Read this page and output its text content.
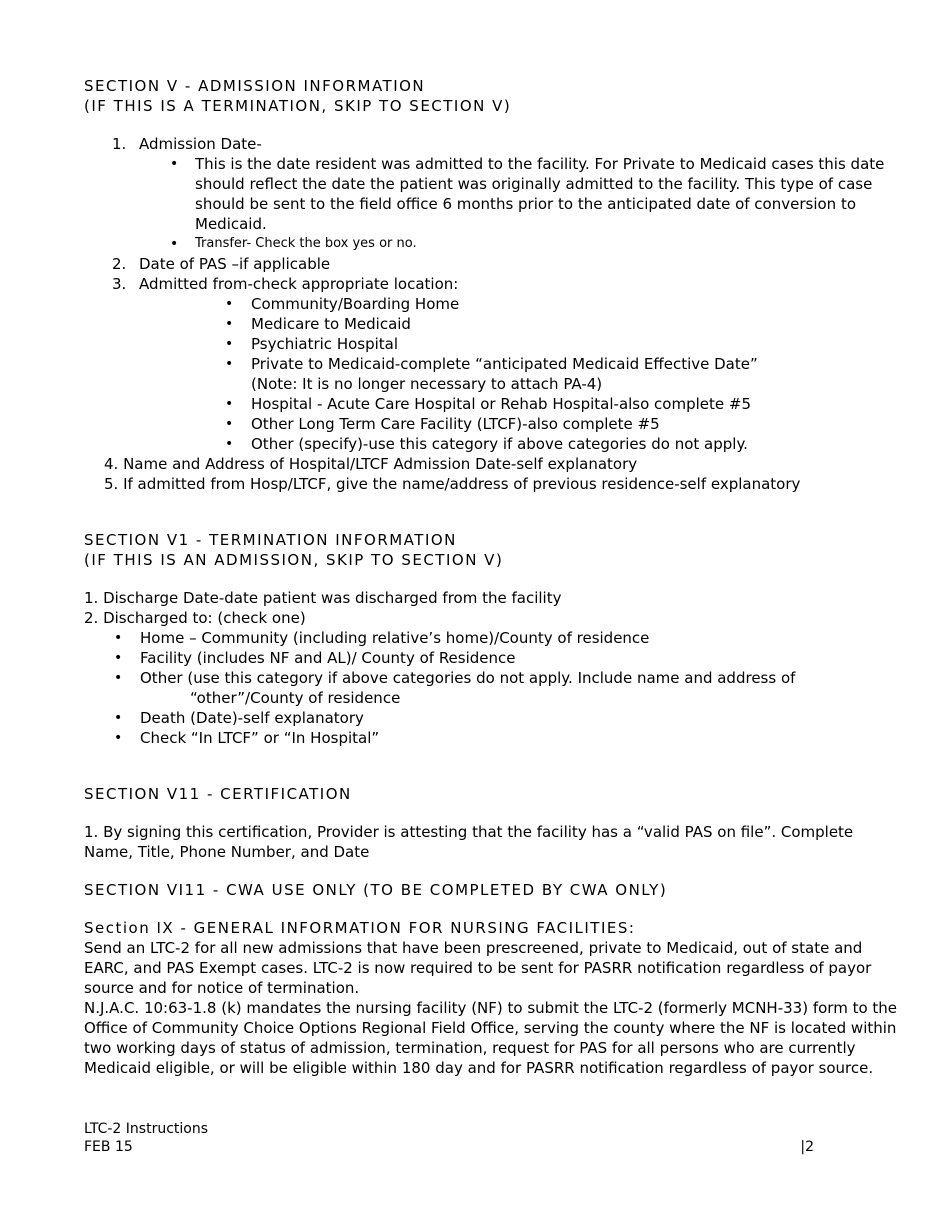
SECTION V - ADMISSION INFORMATION

(IF THIS IS A TERMINATION, SKIP TO SECTION V)

1. Admission Date-
• This is the date resident was admitted to the facility. For Private to Medicaid cases this date should reflect the date the patient was originally admitted to the facility. This type of case should be sent to the field office 6 months prior to the anticipated date of conversion to Medicaid.
• Transfer- Check the box yes or no.
2. Date of PAS –if applicable
3. Admitted from-check appropriate location:
• Community/Boarding Home
• Medicare to Medicaid
• Psychiatric Hospital
• Private to Medicaid-complete “anticipated Medicaid Effective Date”
(Note: It is no longer necessary to attach PA-4)
• Hospital - Acute Care Hospital or Rehab Hospital-also complete #5
• Other Long Term Care Facility (LTCF)-also complete #5
• Other (specify)-use this category if above categories do not apply.
4. Name and Address of Hospital/LTCF Admission Date-self explanatory
5. If admitted from Hosp/LTCF, give the name/address of previous residence-self explanatory

SECTION V1 - TERMINATION INFORMATION

(IF THIS IS AN ADMISSION, SKIP TO SECTION V)

1. Discharge Date-date patient was discharged from the facility
2. Discharged to: (check one)
• Home – Community (including relative’s home)/County of residence
• Facility (includes NF and AL)/ County of Residence
• Other (use this category if above categories do not apply. Include name and address of
“other”/County of residence
• Death (Date)-self explanatory
• Check “In LTCF” or “In Hospital”

SECTION V11 - CERTIFICATION

1. By signing this certification, Provider is attesting that the facility has a “valid PAS on file”. Complete Name, Title, Phone Number, and Date

SECTION VI11 - CWA USE ONLY (TO BE COMPLETED BY CWA ONLY)

Section IX - GENERAL INFORMATION FOR NURSING FACILITIES:

Send an LTC-2 for all new admissions that have been prescreened, private to Medicaid, out of state and EARC, and PAS Exempt cases. LTC-2 is now required to be sent for PASRR notification regardless of payor source and for notice of termination.
N.J.A.C. 10:63-1.8 (k) mandates the nursing facility (NF) to submit the LTC-2 (formerly MCNH-33) form to the Office of Community Choice Options Regional Field Office, serving the county where the NF is located within two working days of status of admission, termination, request for PAS for all persons who are currently Medicaid eligible, or will be eligible within 180 day and for PASRR notification regardless of payor source.
LTC-2 Instructions
FEB 15	|2
